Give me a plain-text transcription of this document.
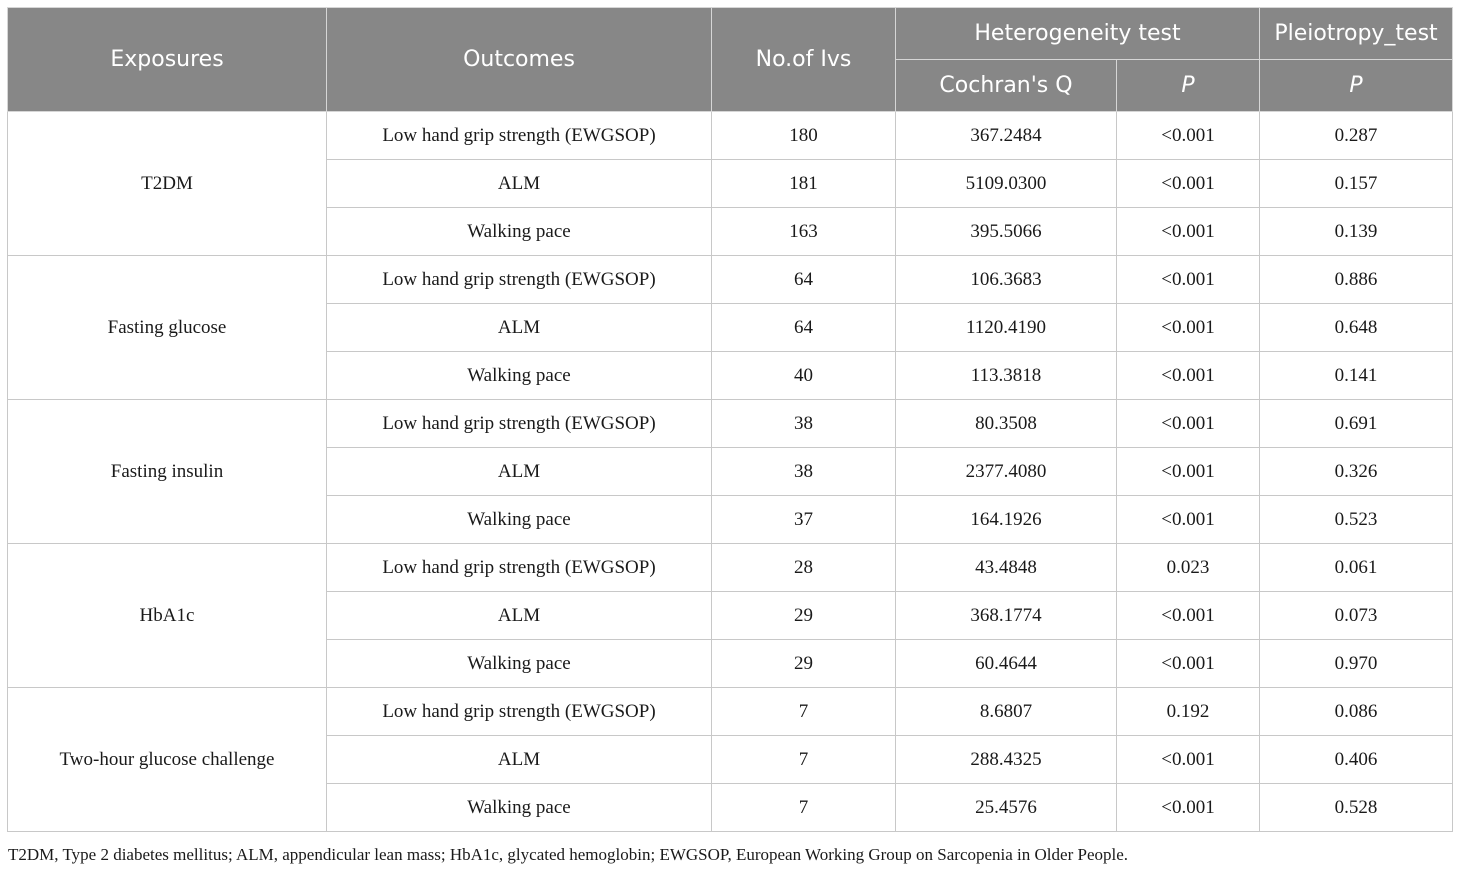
Exposures	Outcomes	No.of Ivs	Heterogeneity test		Pleiotropy_test
			Cochran's Q	P	P
T2DM	Low hand grip strength (EWGSOP)	180	367.2484	<0.001	0.287
	ALM	181	5109.0300	<0.001	0.157
	Walking pace	163	395.5066	<0.001	0.139
Fasting glucose	Low hand grip strength (EWGSOP)	64	106.3683	<0.001	0.886
	ALM	64	1120.4190	<0.001	0.648
	Walking pace	40	113.3818	<0.001	0.141
Fasting insulin	Low hand grip strength (EWGSOP)	38	80.3508	<0.001	0.691
	ALM	38	2377.4080	<0.001	0.326
	Walking pace	37	164.1926	<0.001	0.523
HbA1c	Low hand grip strength (EWGSOP)	28	43.4848	0.023	0.061
	ALM	29	368.1774	<0.001	0.073
	Walking pace	29	60.4644	<0.001	0.970
Two-hour glucose challenge	Low hand grip strength (EWGSOP)	7	8.6807	0.192	0.086
	ALM	7	288.4325	<0.001	0.406
	Walking pace	7	25.4576	<0.001	0.528
T2DM, Type 2 diabetes mellitus; ALM, appendicular lean mass; HbA1c, glycated hemoglobin; EWGSOP, European Working Group on Sarcopenia in Older People.
